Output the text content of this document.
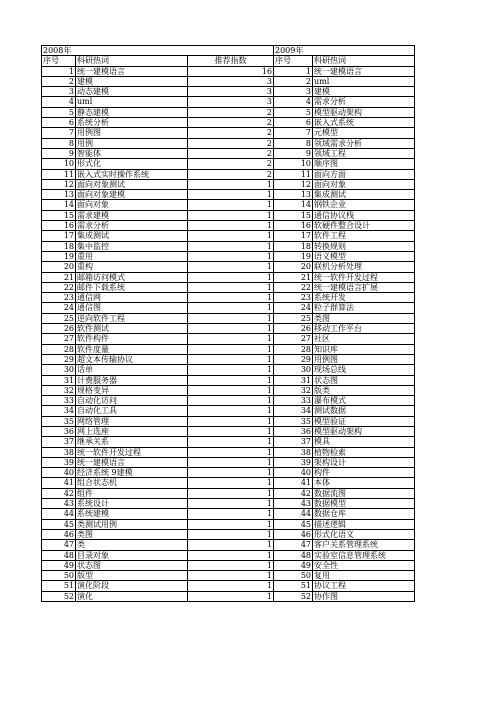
2008年			2009年	
序号	科研热词	推荐指数	序号	科研热词
1	统一建模语言	16	1	统一建模语言
2	建模	3	2	uml
3	动态建模	3	3	建模
4	uml	3	4	需求分析
5	静态建模	2	5	模型驱动架构
6	系统分析	2	6	嵌入式系统
7	用例图	2	7	元模型
8	用例	2	8	领域需求分析
9	智能体	2	9	领域工程
10	形式化	2	10	顺序图
11	嵌入式实时操作系统	2	11	面向方面
12	面向对象测试	1	12	面向对象
13	面向对象建模	1	13	集成测试
14	面向对象	1	14	钢铁企业
15	需求建模	1	15	通信协议栈
16	需求分析	1	16	软硬件整合设计
17	集成测试	1	17	软件工程
18	集中监控	1	18	转换规则
19	重用	1	19	语义模型
20	重构	1	20	联机分析处理
21	邮箱访问模式	1	21	统一软件开发过程
22	邮件下载系统	1	22	统一建模语言扩展
23	通信网	1	23	系统开发
24	通信图	1	24	粒子群算法
25	逆向软件工程	1	25	类图
26	软件测试	1	26	移动工作平台
27	软件构件	1	27	社区
28	软件度量	1	28	知识库
29	超文本传输协议	1	29	用例图
30	话单	1	30	现场总线
31	计费服务器	1	31	状态图
32	规格变异	1	32	版类
33	自动化访问	1	33	瀑布模式
34	自动化工具	1	34	测试数据
35	网络管理	1	35	模型验证
36	网上选座	1	36	模型驱动架构
37	继承关系	1	37	模具
38	统一软件开发过程	1	38	植物检索
39	统一建模语言	1	39	架构设计
40	经济系统 9建模	1	40	构件
41	组合状态机	1	41	本体
42	组件	1	42	数据流图
43	系统设计	1	43	数据模型
44	系统建模	1	44	数据仓库
45	类测试用例	1	45	描述逻辑
46	类图	1	46	形式化语义
47	类	1	47	客户关系管理系统
48	目录对象	1	48	实验室信息管理系统
49	状态图	1	49	安全性
50	版型	1	50	复用
51	演化阶段	1	51	协议工程
52	演化	1	52	协作图
